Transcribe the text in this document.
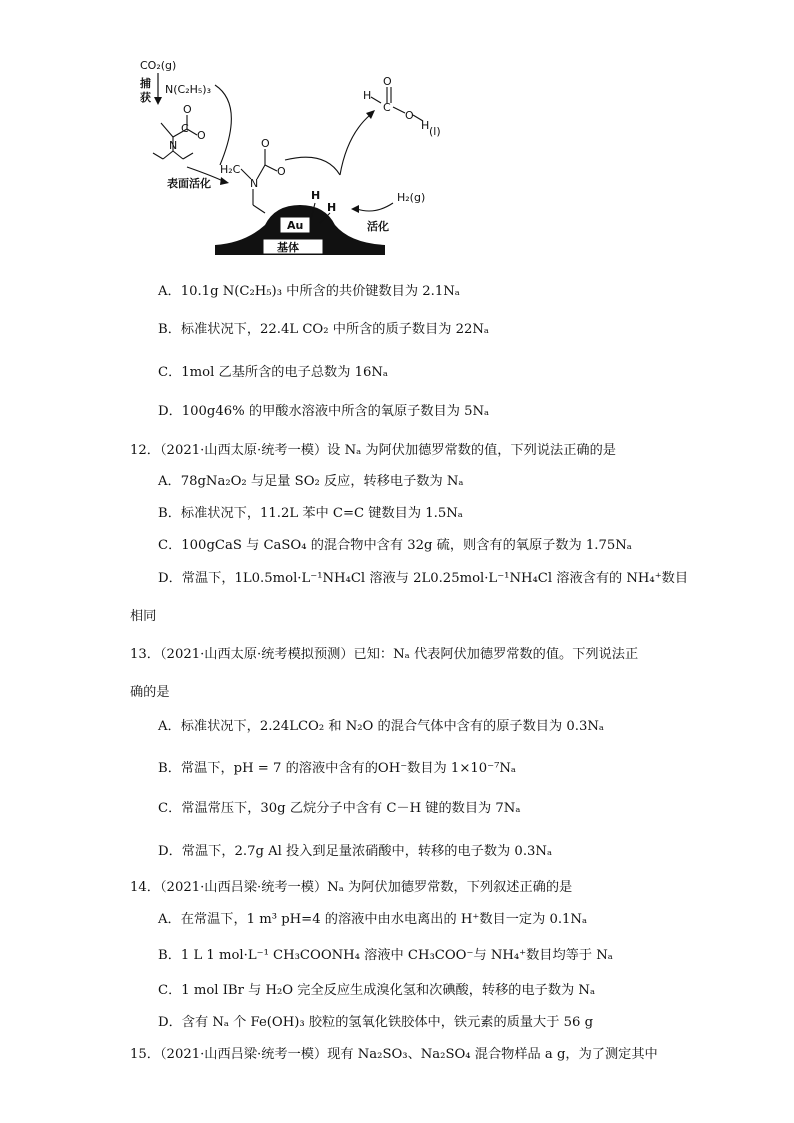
CO₂(g)
捕
获
N(C₂H₅)₃
O
C
O
N
表面活化
H₂C
N
O
O
Au
基体
H
H
H₂(g)
活化
H
C
O
O
H (l)
A．10.1g N(C₂H₅)₃ 中所含的共价键数目为 2.1Nₐ
B．标准状况下，22.4L CO₂ 中所含的质子数目为 22Nₐ
C．1mol 乙基所含的电子总数为 16Nₐ
D．100g46% 的甲酸水溶液中所含的氧原子数目为 5Nₐ
12．（2021·山西太原·统考一模）设 Nₐ 为阿伏加德罗常数的值，下列说法正确的是
A．78gNa₂O₂ 与足量 SO₂ 反应，转移电子数为 Nₐ
B．标准状况下，11.2L 苯中 C=C 键数目为 1.5Nₐ
C．100gCaS 与 CaSO₄ 的混合物中含有 32g 硫，则含有的氧原子数为 1.75Nₐ
D．常温下，1L0.5mol·L⁻¹NH₄Cl 溶液与 2L0.25mol·L⁻¹NH₄Cl 溶液含有的 NH₄⁺数目
相同
13．（2021·山西太原·统考模拟预测）已知：Nₐ 代表阿伏加德罗常数的值。下列说法正
确的是
A．标准状况下，2.24LCO₂ 和 N₂O 的混合气体中含有的原子数目为 0.3Nₐ
B．常温下，pH = 7 的溶液中含有的OH⁻数目为 1×10⁻⁷Nₐ
C．常温常压下，30g 乙烷分子中含有 C－H 键的数目为 7Nₐ
D．常温下，2.7g Al 投入到足量浓硝酸中，转移的电子数为 0.3Nₐ
14．（2021·山西吕梁·统考一模）Nₐ 为阿伏加德罗常数，下列叙述正确的是
A．在常温下，1 m³ pH=4 的溶液中由水电离出的 H⁺数目一定为 0.1Nₐ
B．1 L 1 mol·L⁻¹ CH₃COONH₄ 溶液中 CH₃COO⁻与 NH₄⁺数目均等于 Nₐ
C．1 mol IBr 与 H₂O 完全反应生成溴化氢和次碘酸，转移的电子数为 Nₐ
D．含有 Nₐ 个 Fe(OH)₃ 胶粒的氢氧化铁胶体中，铁元素的质量大于 56 g
15．（2021·山西吕梁·统考一模）现有 Na₂SO₃、Na₂SO₄ 混合物样品 a g，为了测定其中
